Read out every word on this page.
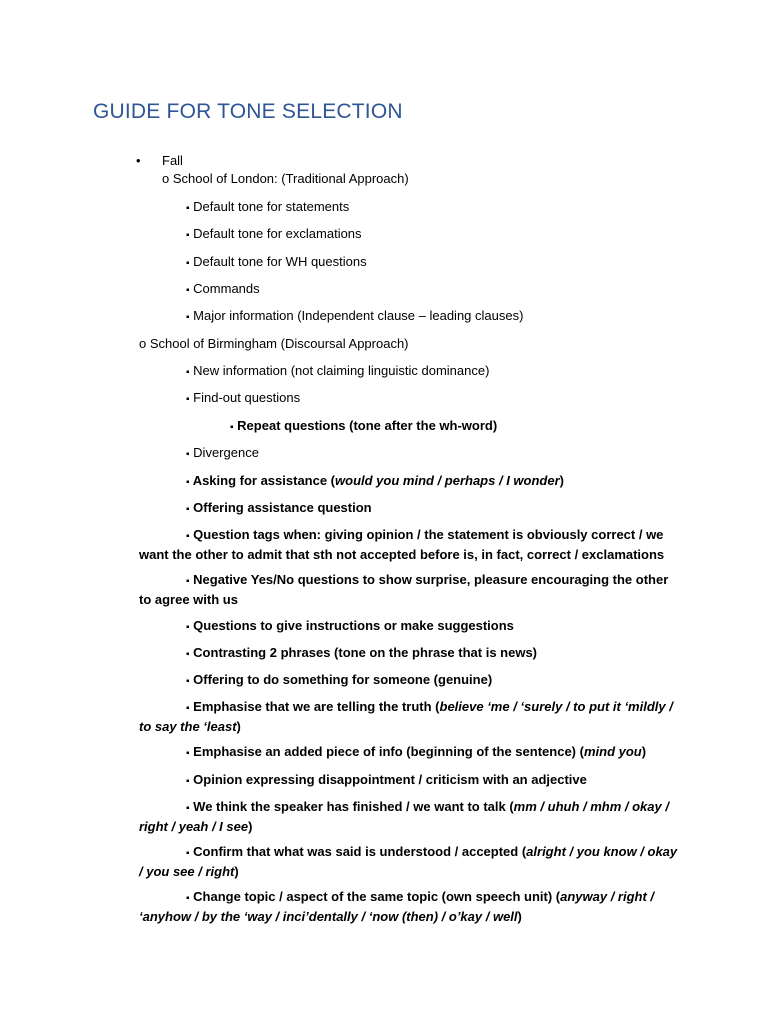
GUIDE FOR TONE SELECTION
• Fall
o School of London: (Traditional Approach)
▪ Default tone for statements
▪ Default tone for exclamations
▪ Default tone for WH questions
▪ Commands
▪ Major information (Independent clause – leading clauses)
o School of Birmingham (Discoursal Approach)
▪ New information (not claiming linguistic dominance)
▪ Find-out questions
▪ Repeat questions (tone after the wh-word)
▪ Divergence
▪ Asking for assistance (would you mind / perhaps / I wonder)
▪ Offering assistance question
▪ Question tags when: giving opinion / the statement is obviously correct / we want the other to admit that sth not accepted before is, in fact, correct / exclamations
▪ Negative Yes/No questions to show surprise, pleasure encouraging the other to agree with us
▪ Questions to give instructions or make suggestions
▪ Contrasting 2 phrases (tone on the phrase that is news)
▪ Offering to do something for someone (genuine)
▪ Emphasise that we are telling the truth (believe ‘me / ‘surely / to put it ‘mildly / to say the ‘least)
▪ Emphasise an added piece of info (beginning of the sentence) (mind you)
▪ Opinion expressing disappointment / criticism with an adjective
▪ We think the speaker has finished / we want to talk (mm / uhuh / mhm / okay / right / yeah / I see)
▪ Confirm that what was said is understood / accepted (alright / you know / okay / you see / right)
▪ Change topic / aspect of the same topic (own speech unit) (anyway / right / ‘anyhow / by the ‘way / inci’dentally / ‘now (then) / o’kay / well)
